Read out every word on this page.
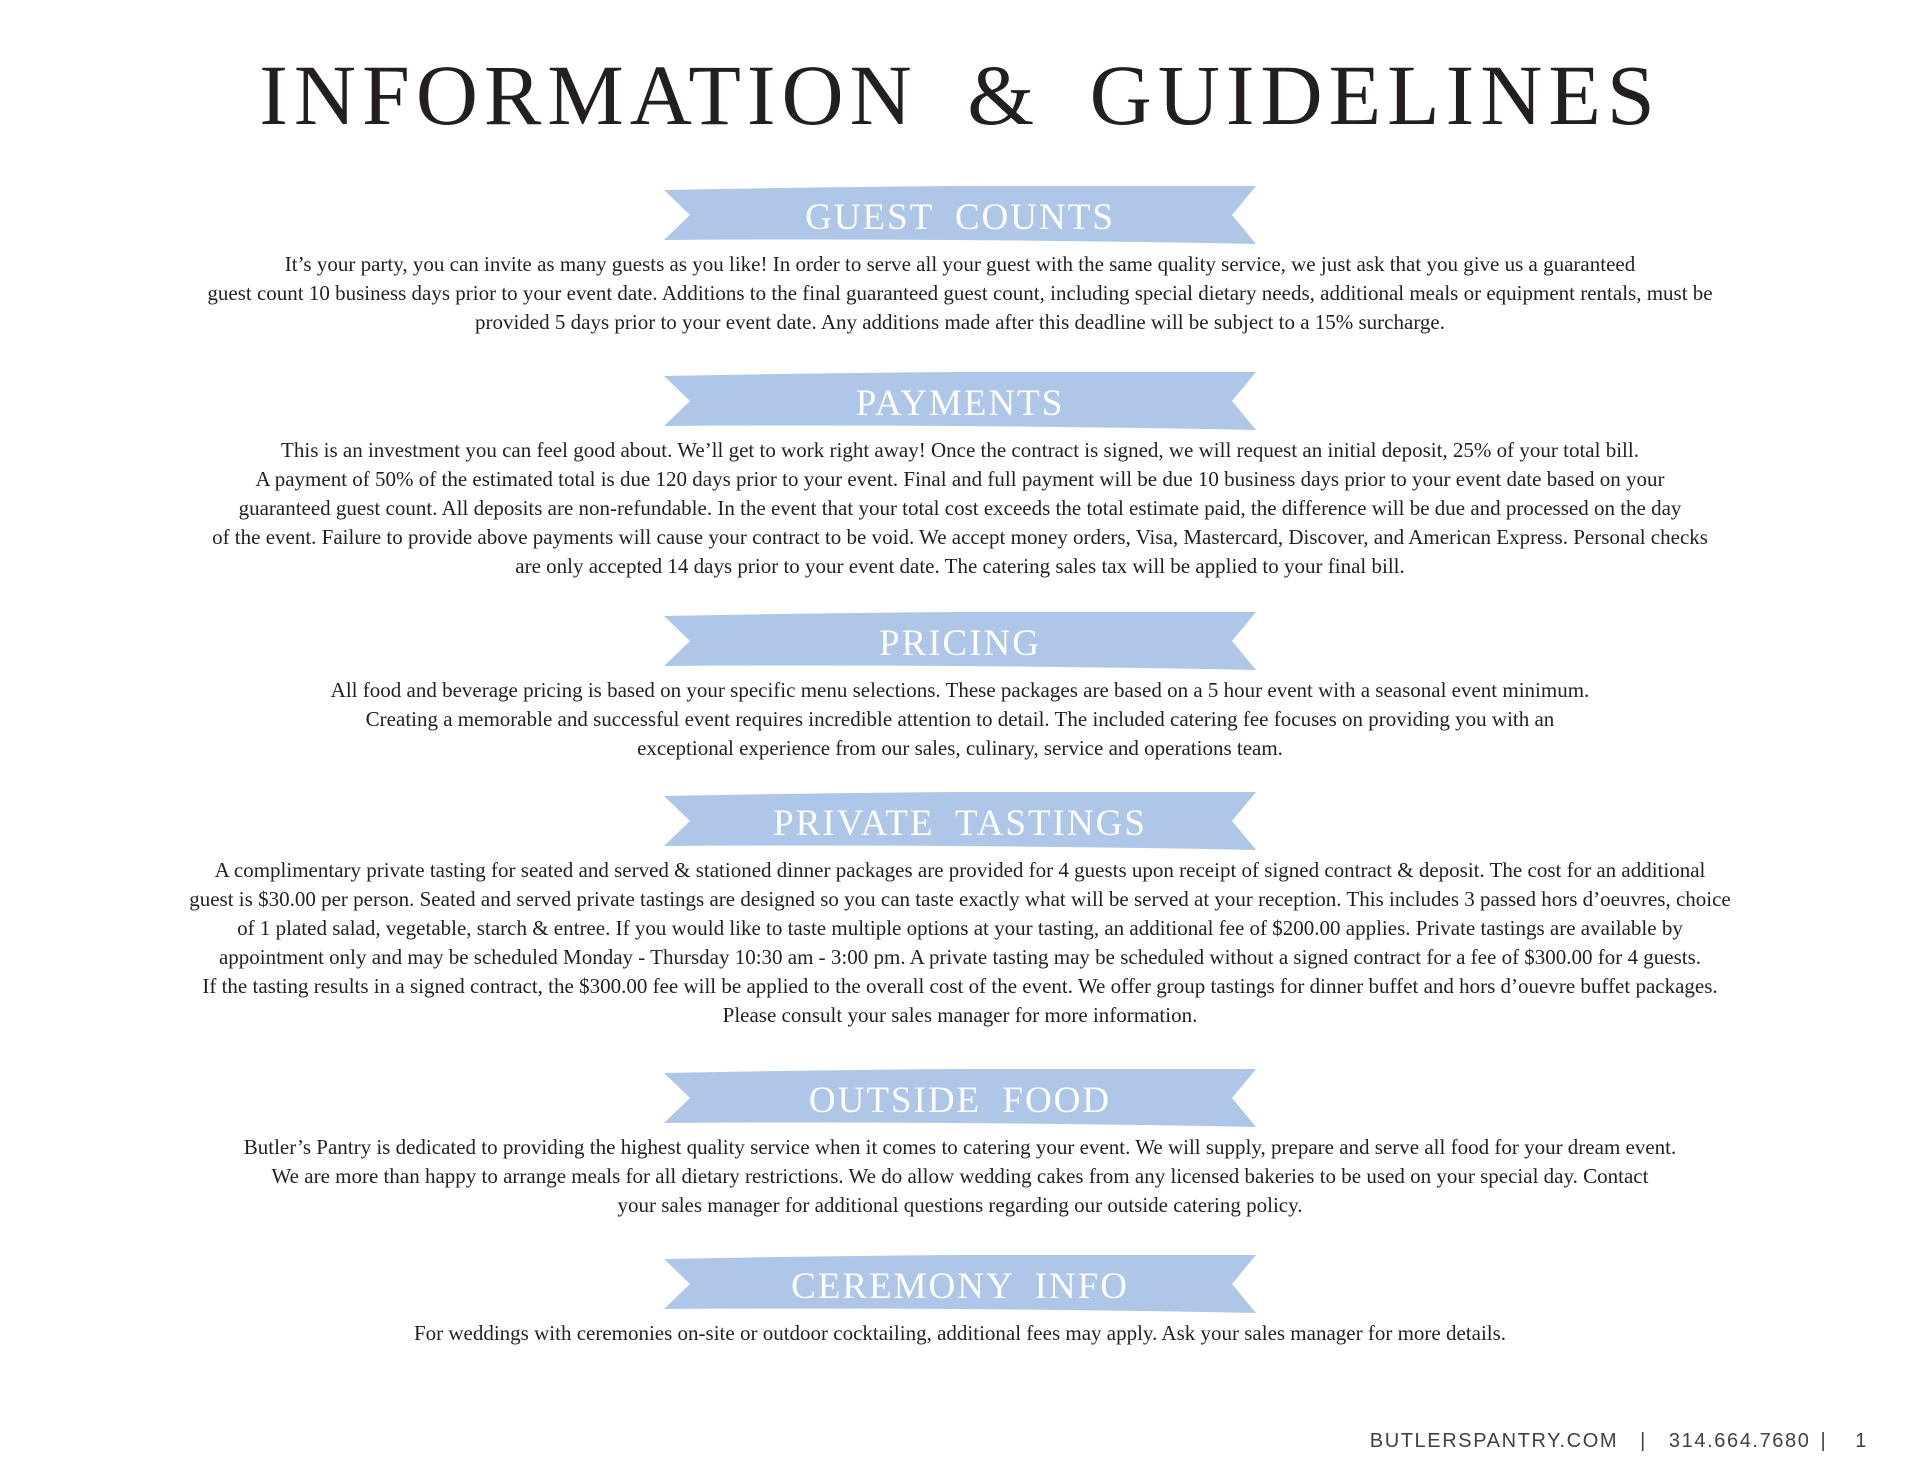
INFORMATION & GUIDELINES
GUEST COUNTS
It’s your party, you can invite as many guests as you like! In order to serve all your guest with the same quality service, we just ask that you give us a guaranteed
guest count 10 business days prior to your event date. Additions to the final guaranteed guest count, including special dietary needs, additional meals or equipment rentals, must be
provided 5 days prior to your event date. Any additions made after this deadline will be subject to a 15% surcharge.
PAYMENTS
This is an investment you can feel good about. We’ll get to work right away! Once the contract is signed, we will request an initial deposit, 25% of your total bill.
A payment of 50% of the estimated total is due 120 days prior to your event. Final and full payment will be due 10 business days prior to your event date based on your
guaranteed guest count. All deposits are non-refundable. In the event that your total cost exceeds the total estimate paid, the difference will be due and processed on the day
of the event. Failure to provide above payments will cause your contract to be void. We accept money orders, Visa, Mastercard, Discover, and American Express. Personal checks
are only accepted 14 days prior to your event date. The catering sales tax will be applied to your final bill.
PRICING
All food and beverage pricing is based on your specific menu selections. These packages are based on a 5 hour event with a seasonal event minimum.
Creating a memorable and successful event requires incredible attention to detail. The included catering fee focuses on providing you with an
exceptional experience from our sales, culinary, service and operations team.
PRIVATE TASTINGS
A complimentary private tasting for seated and served & stationed dinner packages are provided for 4 guests upon receipt of signed contract & deposit. The cost for an additional
guest is $30.00 per person. Seated and served private tastings are designed so you can taste exactly what will be served at your reception. This includes 3 passed hors d’oeuvres, choice
of 1 plated salad, vegetable, starch & entree. If you would like to taste multiple options at your tasting, an additional fee of $200.00 applies. Private tastings are available by
appointment only and may be scheduled Monday - Thursday 10:30 am - 3:00 pm. A private tasting may be scheduled without a signed contract for a fee of $300.00 for 4 guests.
If the tasting results in a signed contract, the $300.00 fee will be applied to the overall cost of the event. We offer group tastings for dinner buffet and hors d’ouevre buffet packages.
Please consult your sales manager for more information.
OUTSIDE FOOD
Butler’s Pantry is dedicated to providing the highest quality service when it comes to catering your event. We will supply, prepare and serve all food for your dream event.
We are more than happy to arrange meals for all dietary restrictions. We do allow wedding cakes from any licensed bakeries to be used on your special day. Contact
your sales manager for additional questions regarding our outside catering policy.
CEREMONY INFO
For weddings with ceremonies on-site or outdoor cocktailing, additional fees may apply. Ask your sales manager for more details.
BUTLERSPANTRY.COM | 314.664.7680 | 1
